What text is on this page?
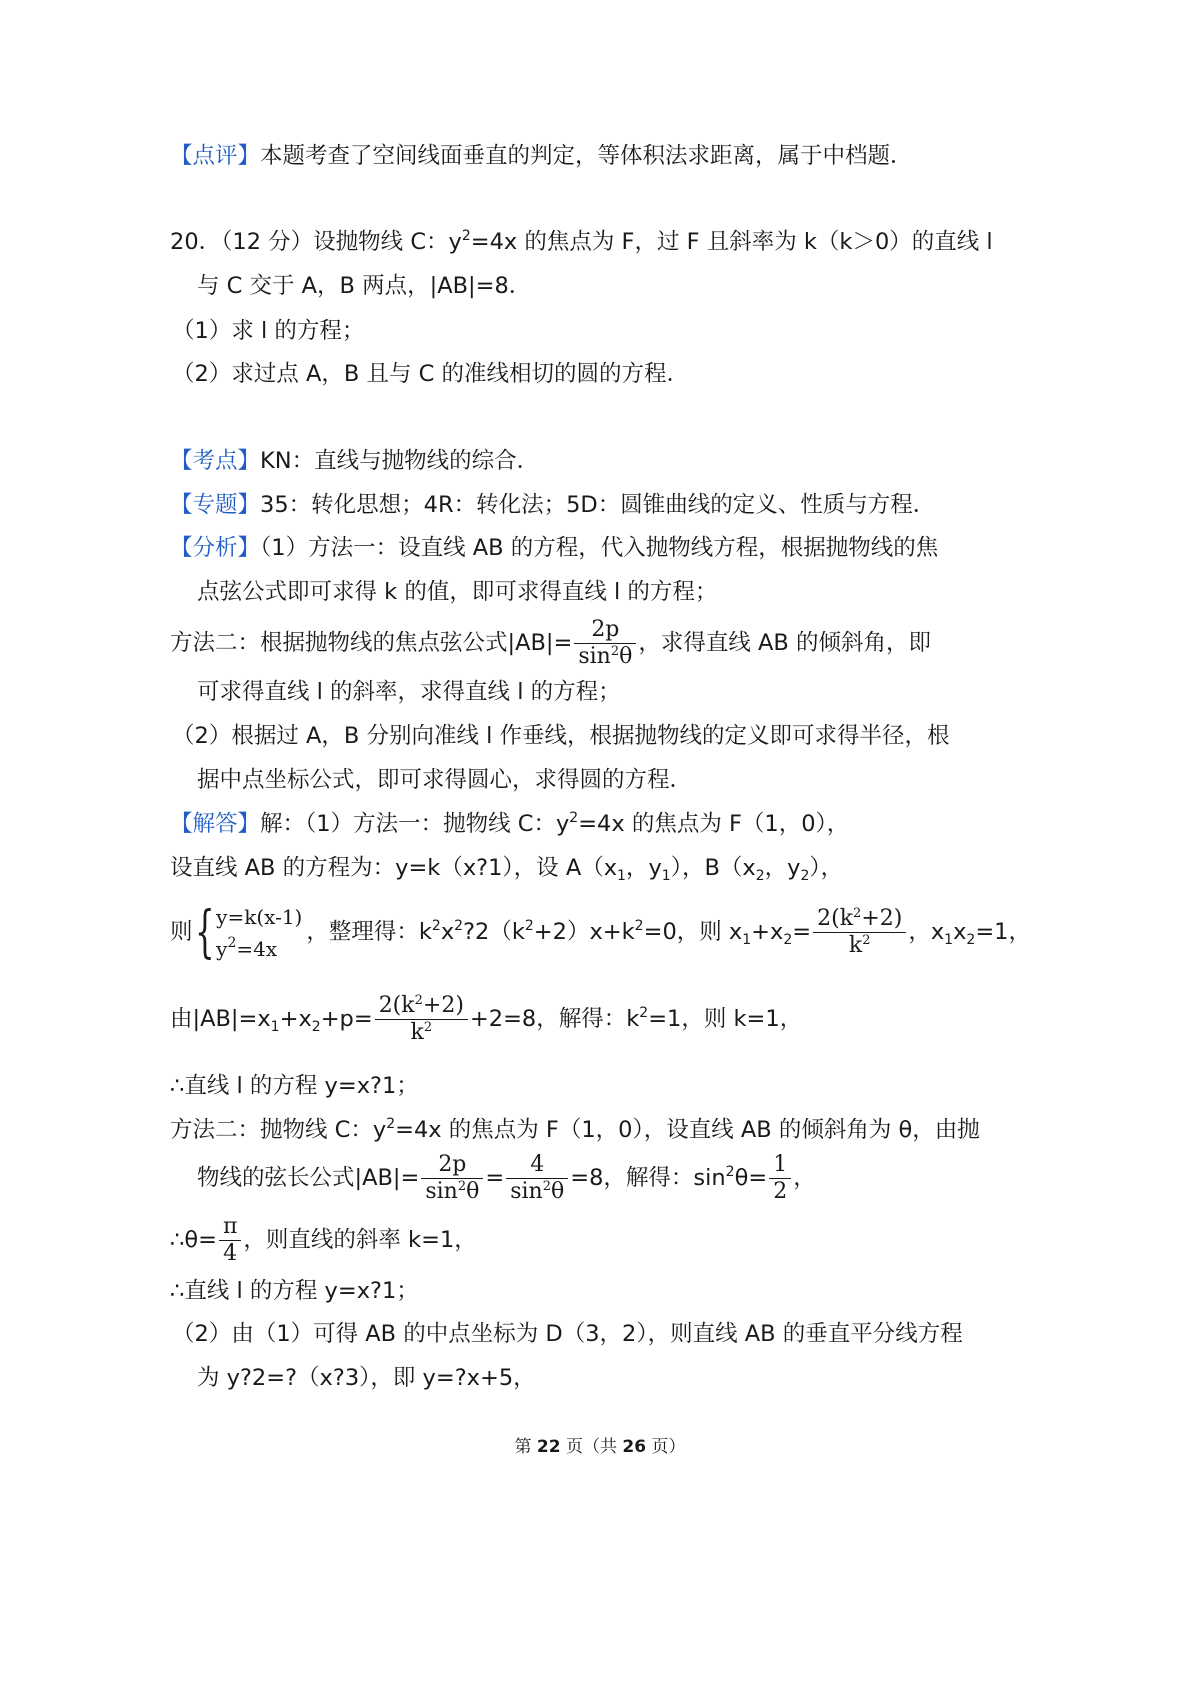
【点评】本题考查了空间线面垂直的判定，等体积法求距离，属于中档题．
20．（12 分）设抛物线 C：$y^2=4x$ 的焦点为 F，过 F 且斜率为 k（k＞0）的直线 l
与 C 交于 A，B 两点，|AB|=8．
（1）求 l 的方程；
（2）求过点 A，B 且与 C 的准线相切的圆的方程．
【考点】KN：直线与抛物线的综合．
【专题】35：转化思想；4R：转化法；5D：圆锥曲线的定义、性质与方程．
【分析】（1）方法一：设直线 AB 的方程，代入抛物线方程，根据抛物线的焦
点弦公式即可求得 k 的值，即可求得直线 l 的方程；
方法二：根据抛物线的焦点弦公式$|AB|= \frac{2p}{\sin^2\theta}$ ，求得直线 AB 的倾斜角，即
可求得直线 l 的斜率，求得直线 l 的方程；
（2）根据过 A，B 分别向准线 l 作垂线，根据抛物线的定义即可求得半径，根
据中点坐标公式，即可求得圆心，求得圆的方程．
【解答】解：（1）方法一：抛物线 C：$y^2=4x$ 的焦点为 F（1，0），
设直线 AB 的方程为：y=k（x?1），设 $A(x_1$，$y_1$），$B(x_2$，$y_2$），
则 { y=k(x-1)
$y^2=4x$
，整理得：$k^2x^2?2(k^2+2)x+k^2=0$，则 $x_1+x_2= \frac{2(k^2+2)}{k^2}$ ，$x_1x_2=1$，
由$|AB|=x_1+x_2+p= \frac{2(k^2+2)}{k^2} +2=8$，解得：$k^2=1$，则 k=1，
∴直线 l 的方程 y=x?1；
方法二：抛物线 C：$y^2=4x$ 的焦点为 F（1，0），设直线 AB 的倾斜角为 θ，由抛
物线的弦长公式$|AB|= \frac{2p}{\sin^2\theta} = \frac{4}{\sin^2\theta} =8$，解得：$\sin^2\theta= \frac{1}{2}$ ，
∴θ= $\frac{\pi}{4}$ ，则直线的斜率 k=1，
∴直线 l 的方程 y=x?1；
（2）由（1）可得 AB 的中点坐标为 D（3，2），则直线 AB 的垂直平分线方程
为 y?2=?（x?3），即 y=?x+5，
第 22 页（共 26 页）
